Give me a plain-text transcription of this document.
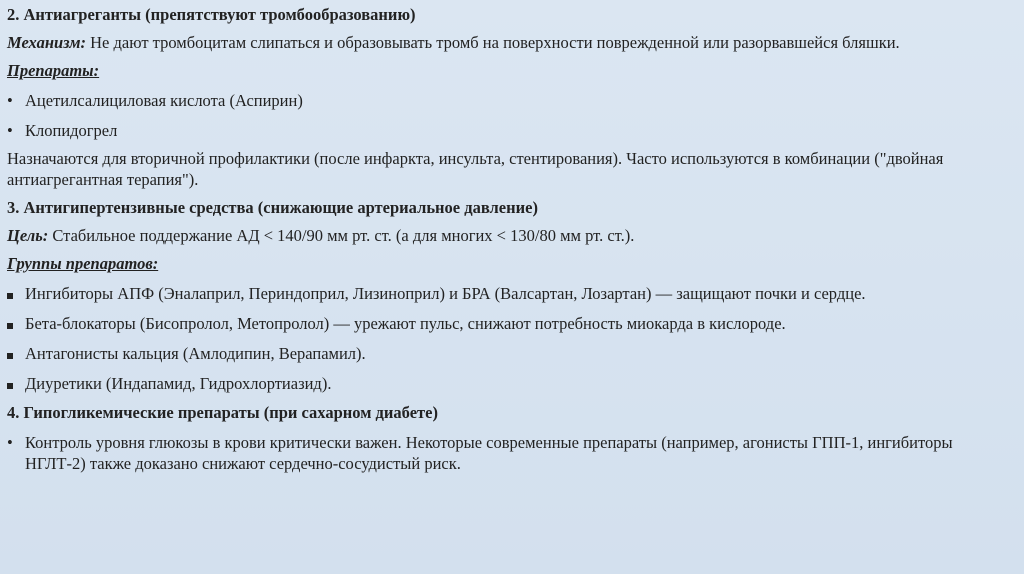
2. Антиагреганты (препятствуют тромбообразованию)

Механизм: Не дают тромбоцитам слипаться и образовывать тромб на поверхности поврежденной или разорвавшейся бляшки.

Препараты:

• Ацетилсалициловая кислота (Аспирин)
• Клопидогрел

Назначаются для вторичной профилактики (после инфаркта, инсульта, стентирования). Часто используются в комбинации ("двойная антиагрегантная терапия").

3. Антигипертензивные средства (снижающие артериальное давление)

Цель: Стабильное поддержание АД < 140/90 мм рт. ст. (а для многих < 130/80 мм рт. ст.).

Группы препаратов:

Ингибиторы АПФ (Эналаприл, Периндоприл, Лизиноприл) и БРА (Валсартан, Лозартан) — защищают почки и сердце.
Бета-блокаторы (Бисопролол, Метопролол) — урежают пульс, снижают потребность миокарда в кислороде.
Антагонисты кальция (Амлодипин, Верапамил).
Диуретики (Индапамид, Гидрохлортиазид).

4. Гипогликемические препараты (при сахарном диабете)

• Контроль уровня глюкозы в крови критически важен. Некоторые современные препараты (например, агонисты ГПП-1, ингибиторы НГЛТ-2) также доказано снижают сердечно-сосудистый риск.
